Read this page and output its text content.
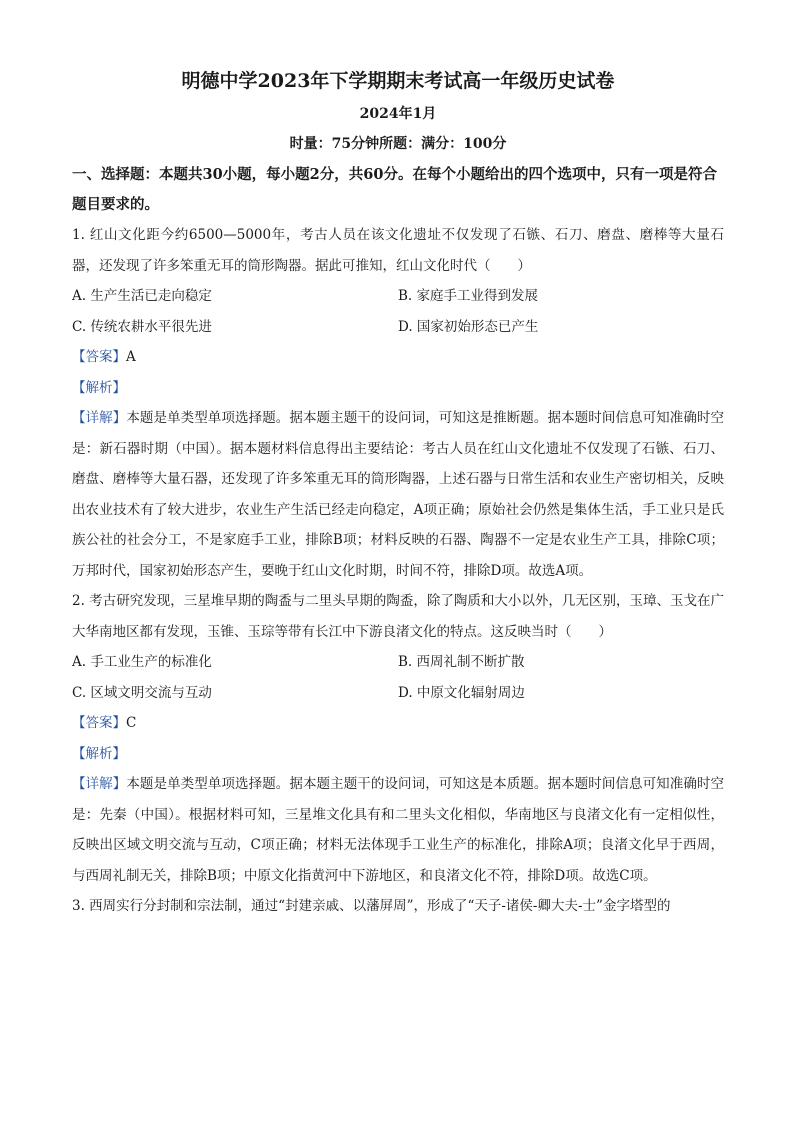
明德中学2023年下学期期末考试高一年级历史试卷
2024年1月
时量：75分钟所题：满分：100分
一、选择题：本题共30小题，每小题2分，共60分。在每个小题给出的四个选项中，只有一项是符合题目要求的。
1. 红山文化距今约6500—5000年，考古人员在该文化遗址不仅发现了石镞、石刀、磨盘、磨棒等大量石器，还发现了许多笨重无耳的筒形陶器。据此可推知，红山文化时代（　　）
A. 生产生活已走向稳定	B. 家庭手工业得到发展
C. 传统农耕水平很先进	D. 国家初始形态已产生
【答案】A
【解析】
【详解】本题是单类型单项选择题。据本题主题干的设问词，可知这是推断题。据本题时间信息可知准确时空是：新石器时期（中国）。据本题材料信息得出主要结论：考古人员在红山文化遗址不仅发现了石镞、石刀、磨盘、磨棒等大量石器，还发现了许多笨重无耳的筒形陶器，上述石器与日常生活和农业生产密切相关，反映出农业技术有了较大进步，农业生产生活已经走向稳定，A项正确；原始社会仍然是集体生活，手工业只是氏族公社的社会分工，不是家庭手工业，排除B项；材料反映的石器、陶器不一定是农业生产工具，排除C项；万邦时代，国家初始形态产生，要晚于红山文化时期，时间不符，排除D项。故选A项。
2. 考古研究发现，三星堆早期的陶盉与二里头早期的陶盉，除了陶质和大小以外，几无区别，玉璋、玉戈在广大华南地区都有发现，玉锥、玉琮等带有长江中下游良渚文化的特点。这反映当时（　　）
A. 手工业生产的标准化	B. 西周礼制不断扩散
C. 区域文明交流与互动	D. 中原文化辐射周边
【答案】C
【解析】
【详解】本题是单类型单项选择题。据本题主题干的设问词，可知这是本质题。据本题时间信息可知准确时空是：先秦（中国）。根据材料可知，三星堆文化具有和二里头文化相似，华南地区与良渚文化有一定相似性，反映出区域文明交流与互动，C项正确；材料无法体现手工业生产的标准化，排除A项；良渚文化早于西周，与西周礼制无关，排除B项；中原文化指黄河中下游地区，和良渚文化不符，排除D项。故选C项。
3. 西周实行分封制和宗法制，通过“封建亲戚、以藩屏周”，形成了“天子-诸侯-卿大夫-士”金字塔型的
